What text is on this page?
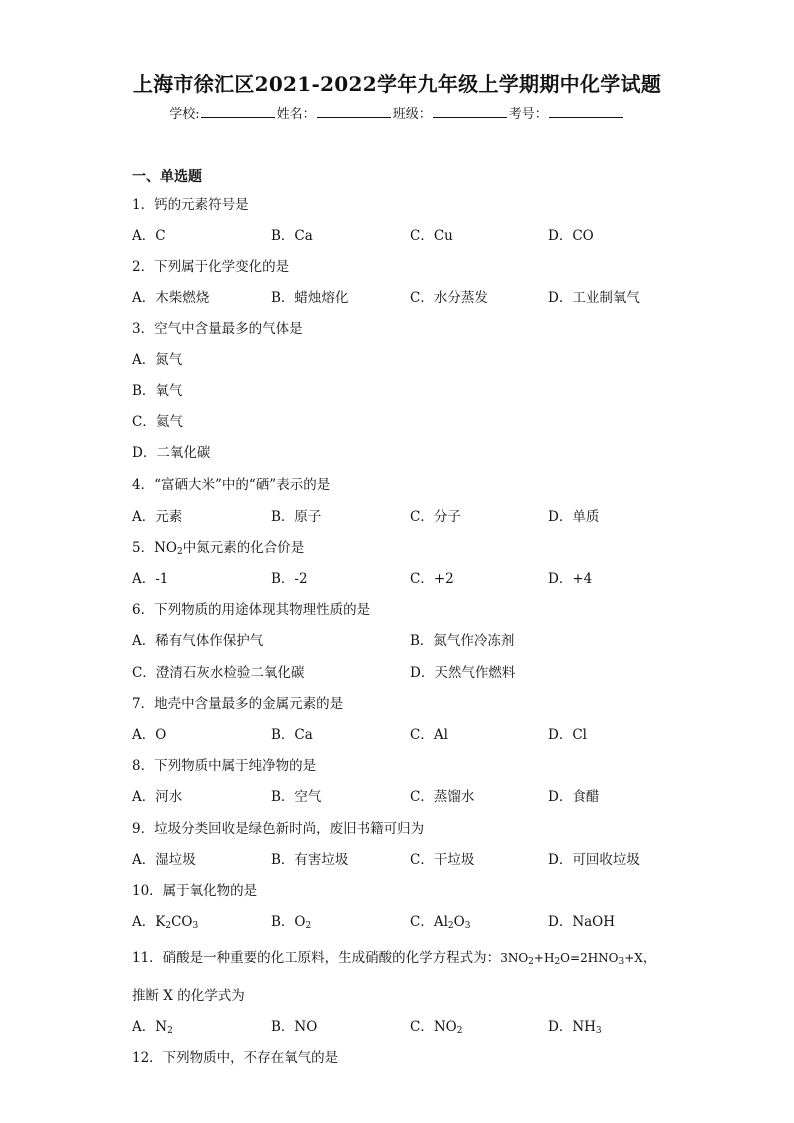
上海市徐汇区2021-2022学年九年级上学期期中化学试题
学校:	姓名：	班级：	考号：
一、单选题
1．钙的元素符号是
A．C	B．Ca	C．Cu	D．CO
2．下列属于化学变化的是
A．木柴燃烧	B．蜡烛熔化	C．水分蒸发	D．工业制氧气
3．空气中含量最多的气体是
A．氮气
B．氧气
C．氦气
D．二氧化碳
4．“富硒大米”中的“硒”表示的是
A．元素	B．原子	C．分子	D．单质
5．$NO_2$中氮元素的化合价是
A．-1	B．-2	C．+2	D．+4
6．下列物质的用途体现其物理性质的是
A．稀有气体作保护气	B．氮气作冷冻剂
C．澄清石灰水检验二氧化碳	D．天然气作燃料
7．地壳中含量最多的金属元素的是
A．O	B．Ca	C．Al	D．Cl
8．下列物质中属于纯净物的是
A．河水	B．空气	C．蒸馏水	D．食醋
9．垃圾分类回收是绿色新时尚，废旧书籍可归为
A．湿垃圾	B．有害垃圾	C．干垃圾	D．可回收垃圾
10．属于氧化物的是
A．$K_2CO_3$	B．$O_2$	C．$Al_2O_3$	D．NaOH
11．硝酸是一种重要的化工原料，生成硝酸的化学方程式为：$3NO_2+H_2O=2HNO_3+X$，
推断 X 的化学式为
A．$N_2$	B．NO	C．$NO_2$	D．$NH_3$
12．下列物质中，不存在氧气的是
